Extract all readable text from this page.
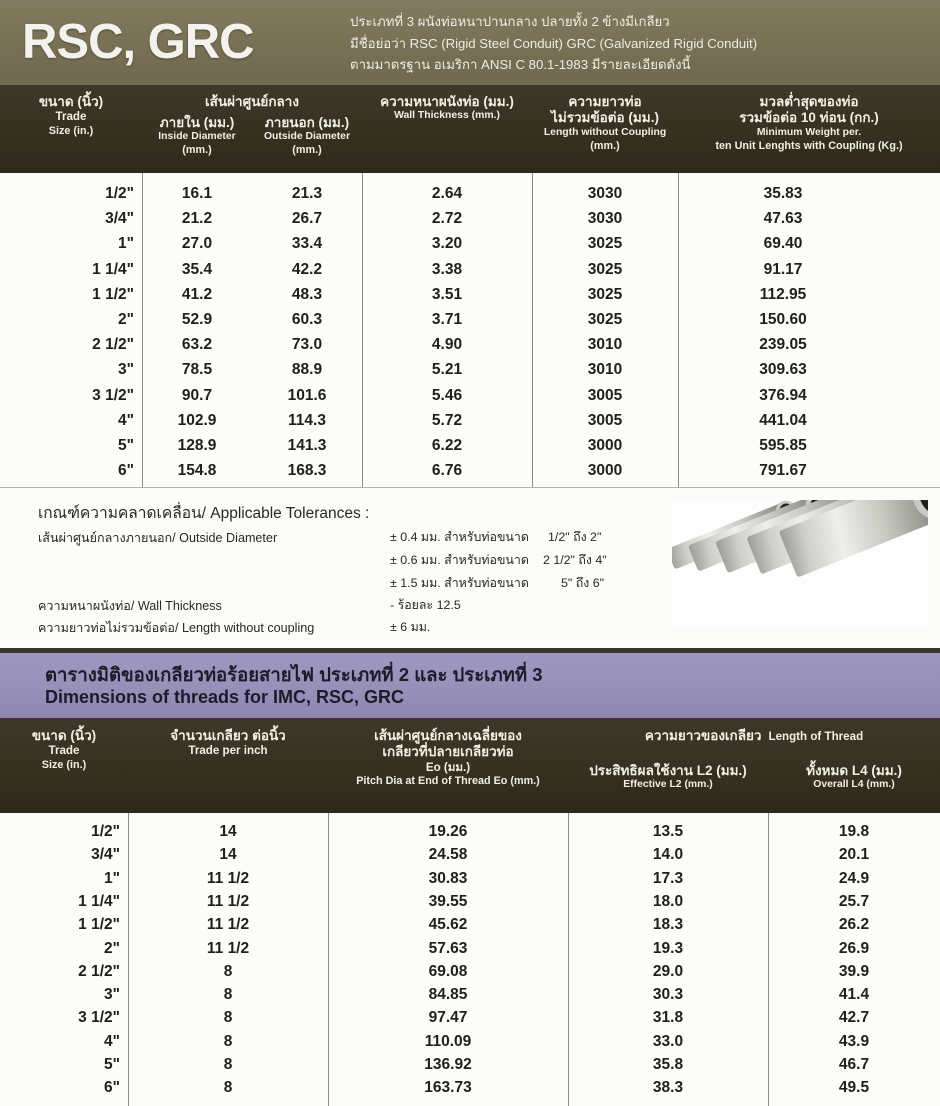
RSC, GRC	ประเภทที่ 3 ผนังท่อหนาปานกลาง ปลายทั้ง 2 ข้างมีเกลียว
มีชื่อย่อว่า RSC (Rigid Steel Conduit) GRC (Galvanized Rigid Conduit)
ตามมาตรฐาน อเมริกา ANSI C 80.1-1983 มีรายละเอียดดังนี้
ขนาด (นิ้ว)
Trade
Size (in.)
เส้นผ่าศูนย์กลาง
ภายใน (มม.)
Inside Diameter
(mm.)
ภายนอก (มม.)
Outside Diameter
(mm.)
ความหนาผนังท่อ (มม.)
Wall Thickness (mm.)
ความยาวท่อ
ไม่รวมข้อต่อ (มม.)
Length without Coupling
(mm.)
มวลต่ำสุดของท่อ
รวมข้อต่อ 10 ท่อน (กก.)
Minimum Weight per.
ten Unit Lenghts with Coupling (Kg.)
1/2"	16.1	21.3	2.64	3030	35.83
3/4"	21.2	26.7	2.72	3030	47.63
1"	27.0	33.4	3.20	3025	69.40
1 1/4"	35.4	42.2	3.38	3025	91.17
1 1/2"	41.2	48.3	3.51	3025	112.95
2"	52.9	60.3	3.71	3025	150.60
2 1/2"	63.2	73.0	4.90	3010	239.05
3"	78.5	88.9	5.21	3010	309.63
3 1/2"	90.7	101.6	5.46	3005	376.94
4"	102.9	114.3	5.72	3005	441.04
5"	128.9	141.3	6.22	3000	595.85
6"	154.8	168.3	6.76	3000	791.67
เกณฑ์ความคลาดเคลื่อน/ Applicable Tolerances :
เส้นผ่าศูนย์กลางภายนอก/ Outside Diameter	± 0.4 มม. สำหรับท่อขนาด 1/2" ถึง 2"
± 0.6 มม. สำหรับท่อขนาด 2 1/2" ถึง 4"
± 1.5 มม. สำหรับท่อขนาด	5" ถึง 6"
ความหนาผนังท่อ/ Wall Thickness	- ร้อยละ 12.5
ความยาวท่อไม่รวมข้อต่อ/ Length without coupling	± 6 มม.
ตารางมิติของเกลียวท่อร้อยสายไฟ ประเภทที่ 2 และ ประเภทที่ 3
Dimensions of threads for IMC, RSC, GRC
ขนาด (นิ้ว)
Trade
Size (in.)
จำนวนเกลียว ต่อนิ้ว
Trade per inch
เส้นผ่าศูนย์กลางเฉลี่ยของ
เกลียวที่ปลายเกลียวท่อ
Eo (มม.)
Pitch Dia at End of Thread Eo (mm.)
ความยาวของเกลียว Length of Thread
ประสิทธิผลใช้งาน L2 (มม.)
Effective L2 (mm.)
ทั้งหมด L4 (มม.)
Overall L4 (mm.)
1/2"	14	19.26	13.5	19.8
3/4"	14	24.58	14.0	20.1
1"	11 1/2	30.83	17.3	24.9
1 1/4"	11 1/2	39.55	18.0	25.7
1 1/2"	11 1/2	45.62	18.3	26.2
2"	11 1/2	57.63	19.3	26.9
2 1/2"	8	69.08	29.0	39.9
3"	8	84.85	30.3	41.4
3 1/2"	8	97.47	31.8	42.7
4"	8	110.09	33.0	43.9
5"	8	136.92	35.8	46.7
6"	8	163.73	38.3	49.5
